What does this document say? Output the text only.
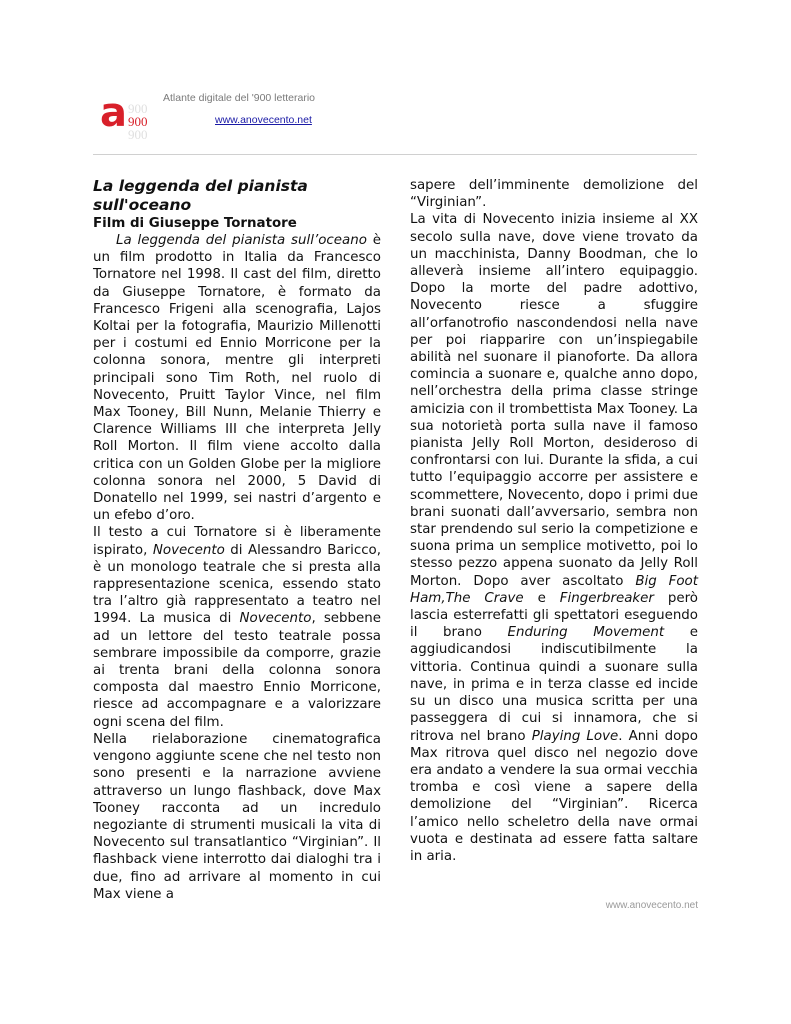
a 900
900
900
Atlante digitale del '900 letterario
www.anovecento.net

La leggenda del pianista sull'oceano

Film di Giuseppe Tornatore

La leggenda del pianista sull’oceano è un film prodotto in Italia da Francesco Tornatore nel 1998. Il cast del film, diretto da Giuseppe Tornatore, è formato da Francesco Frigeni alla scenografia, Lajos Koltai per la fotografia, Maurizio Millenotti per i costumi ed Ennio Morricone per la colonna sonora, mentre gli interpreti principali sono Tim Roth, nel ruolo di Novecento, Pruitt Taylor Vince, nel film Max Tooney, Bill Nunn, Melanie Thierry e Clarence Williams III che interpreta Jelly Roll Morton. Il film viene accolto dalla critica con un Golden Globe per la migliore colonna sonora nel 2000, 5 David di Donatello nel 1999, sei nastri d’argento e un efebo d’oro.

Il testo a cui Tornatore si è liberamente ispirato, Novecento di Alessandro Baricco, è un monologo teatrale che si presta alla rappresentazione scenica, essendo stato tra l’altro già rappresentato a teatro nel 1994. La musica di Novecento, sebbene ad un lettore del testo teatrale possa sembrare impossibile da comporre, grazie ai trenta brani della colonna sonora composta dal maestro Ennio Morricone, riesce ad accompagnare e a valorizzare ogni scena del film.

Nella rielaborazione cinematografica vengono aggiunte scene che nel testo non sono presenti e la narrazione avviene attraverso un lungo flashback, dove Max Tooney racconta ad un incredulo negoziante di strumenti musicali la vita di Novecento sul transatlantico “Virginian”. Il flashback viene interrotto dai dialoghi tra i due, fino ad arrivare al momento in cui Max viene a

sapere dell’imminente demolizione del “Virginian”.

La vita di Novecento inizia insieme al XX secolo sulla nave, dove viene trovato da un macchinista, Danny Boodman, che lo alleverà insieme all’intero equipaggio. Dopo la morte del padre adottivo, Novecento riesce a sfuggire all’orfanotrofio nascondendosi nella nave per poi riapparire con un’inspiegabile abilità nel suonare il pianoforte. Da allora comincia a suonare e, qualche anno dopo, nell’orchestra della prima classe stringe amicizia con il trombettista Max Tooney. La sua notorietà porta sulla nave il famoso pianista Jelly Roll Morton, desideroso di confrontarsi con lui. Durante la sfida, a cui tutto l’equipaggio accorre per assistere e scommettere, Novecento, dopo i primi due brani suonati dall’avversario, sembra non star prendendo sul serio la competizione e suona prima un semplice motivetto, poi lo stesso pezzo appena suonato da Jelly Roll Morton. Dopo aver ascoltato Big Foot Ham,The Crave e Fingerbreaker però lascia esterrefatti gli spettatori eseguendo il brano Enduring Movement e aggiudicandosi indiscutibilmente la vittoria. Continua quindi a suonare sulla nave, in prima e in terza classe ed incide su un disco una musica scritta per una passeggera di cui si innamora, che si ritrova nel brano Playing Love. Anni dopo Max ritrova quel disco nel negozio dove era andato a vendere la sua ormai vecchia tromba e così viene a sapere della demolizione del “Virginian”. Ricerca l’amico nello scheletro della nave ormai vuota e destinata ad essere fatta saltare in aria.

www.anovecento.net
